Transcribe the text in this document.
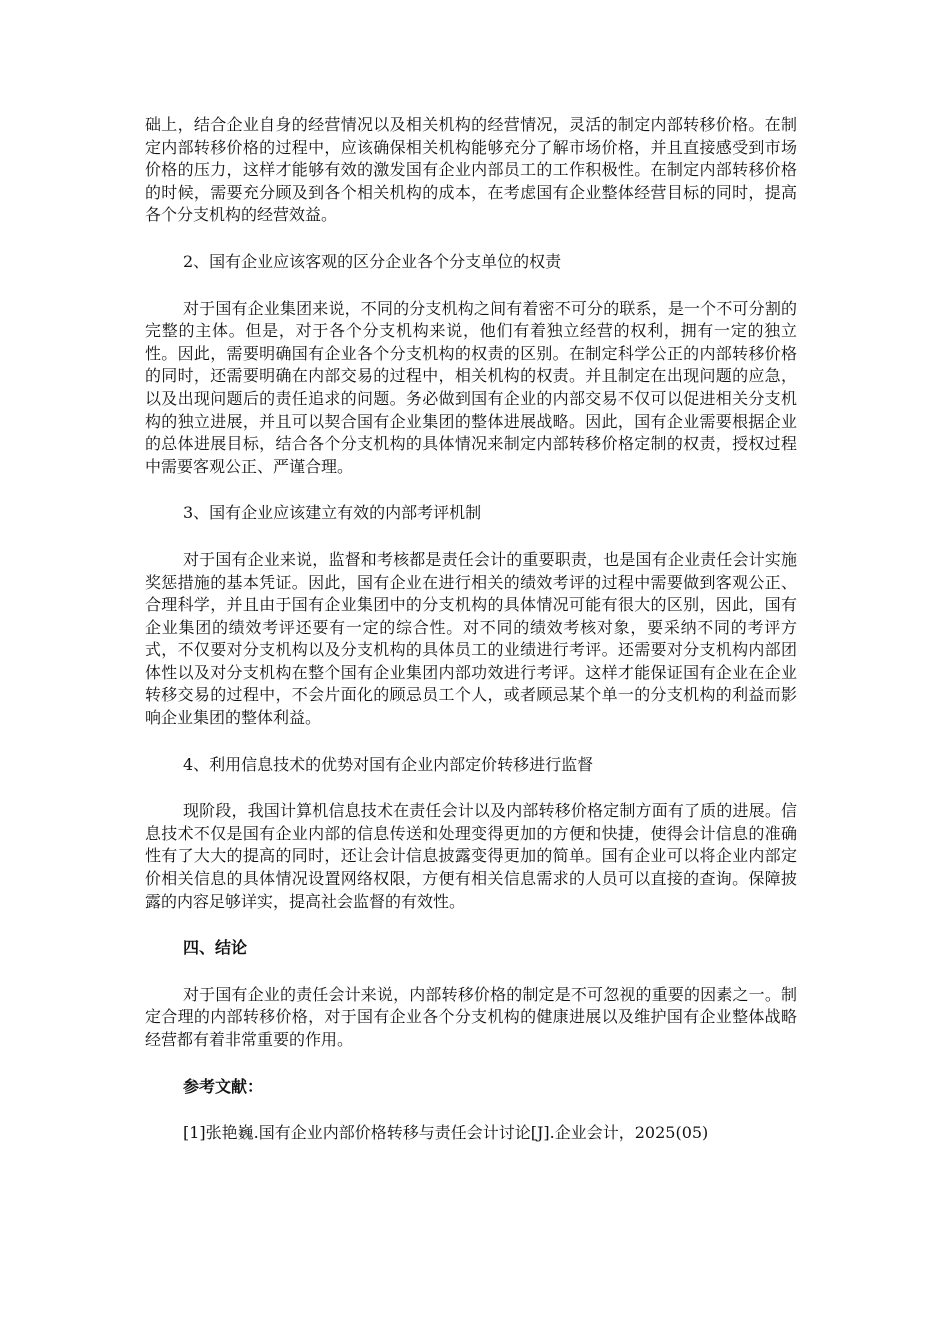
础上，结合企业自身的经营情况以及相关机构的经营情况，灵活的制定内部转移价格。在制定内部转移价格的过程中，应该确保相关机构能够充分了解市场价格，并且直接感受到市场价格的压力，这样才能够有效的激发国有企业内部员工的工作积极性。在制定内部转移价格的时候，需要充分顾及到各个相关机构的成本，在考虑国有企业整体经营目标的同时，提高各个分支机构的经营效益。

2、国有企业应该客观的区分企业各个分支单位的权责

对于国有企业集团来说，不同的分支机构之间有着密不可分的联系，是一个不可分割的完整的主体。但是，对于各个分支机构来说，他们有着独立经营的权利，拥有一定的独立性。因此，需要明确国有企业各个分支机构的权责的区别。在制定科学公正的内部转移价格的同时，还需要明确在内部交易的过程中，相关机构的权责。并且制定在出现问题的应急，以及出现问题后的责任追求的问题。务必做到国有企业的内部交易不仅可以促进相关分支机构的独立进展，并且可以契合国有企业集团的整体进展战略。因此，国有企业需要根据企业的总体进展目标，结合各个分支机构的具体情况来制定内部转移价格定制的权责，授权过程中需要客观公正、严谨合理。

3、国有企业应该建立有效的内部考评机制

对于国有企业来说，监督和考核都是责任会计的重要职责，也是国有企业责任会计实施奖惩措施的基本凭证。因此，国有企业在进行相关的绩效考评的过程中需要做到客观公正、合理科学，并且由于国有企业集团中的分支机构的具体情况可能有很大的区别，因此，国有企业集团的绩效考评还要有一定的综合性。对不同的绩效考核对象，要采纳不同的考评方式，不仅要对分支机构以及分支机构的具体员工的业绩进行考评。还需要对分支机构内部团体性以及对分支机构在整个国有企业集团内部功效进行考评。这样才能保证国有企业在企业转移交易的过程中，不会片面化的顾忌员工个人，或者顾忌某个单一的分支机构的利益而影响企业集团的整体利益。

4、利用信息技术的优势对国有企业内部定价转移进行监督

现阶段，我国计算机信息技术在责任会计以及内部转移价格定制方面有了质的进展。信息技术不仅是国有企业内部的信息传送和处理变得更加的方便和快捷，使得会计信息的准确性有了大大的提高的同时，还让会计信息披露变得更加的简单。国有企业可以将企业内部定价相关信息的具体情况设置网络权限，方便有相关信息需求的人员可以直接的查询。保障披露的内容足够详实，提高社会监督的有效性。

四、结论

对于国有企业的责任会计来说，内部转移价格的制定是不可忽视的重要的因素之一。制定合理的内部转移价格，对于国有企业各个分支机构的健康进展以及维护国有企业整体战略经营都有着非常重要的作用。

参考文献：

[1]张艳巍.国有企业内部价格转移与责任会计讨论[J].企业会计，2025(05)
